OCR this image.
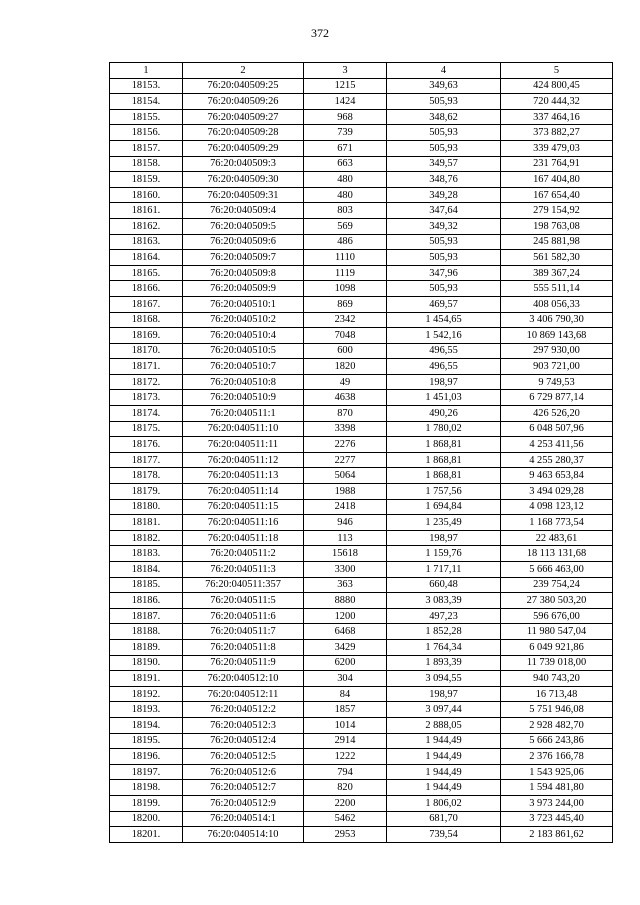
372
1	2	3	4	5
18153.	76:20:040509:25	1215	349,63	424 800,45
18154.	76:20:040509:26	1424	505,93	720 444,32
18155.	76:20:040509:27	968	348,62	337 464,16
18156.	76:20:040509:28	739	505,93	373 882,27
18157.	76:20:040509:29	671	505,93	339 479,03
18158.	76:20:040509:3	663	349,57	231 764,91
18159.	76:20:040509:30	480	348,76	167 404,80
18160.	76:20:040509:31	480	349,28	167 654,40
18161.	76:20:040509:4	803	347,64	279 154,92
18162.	76:20:040509:5	569	349,32	198 763,08
18163.	76:20:040509:6	486	505,93	245 881,98
18164.	76:20:040509:7	1110	505,93	561 582,30
18165.	76:20:040509:8	1119	347,96	389 367,24
18166.	76:20:040509:9	1098	505,93	555 511,14
18167.	76:20:040510:1	869	469,57	408 056,33
18168.	76:20:040510:2	2342	1 454,65	3 406 790,30
18169.	76:20:040510:4	7048	1 542,16	10 869 143,68
18170.	76:20:040510:5	600	496,55	297 930,00
18171.	76:20:040510:7	1820	496,55	903 721,00
18172.	76:20:040510:8	49	198,97	9 749,53
18173.	76:20:040510:9	4638	1 451,03	6 729 877,14
18174.	76:20:040511:1	870	490,26	426 526,20
18175.	76:20:040511:10	3398	1 780,02	6 048 507,96
18176.	76:20:040511:11	2276	1 868,81	4 253 411,56
18177.	76:20:040511:12	2277	1 868,81	4 255 280,37
18178.	76:20:040511:13	5064	1 868,81	9 463 653,84
18179.	76:20:040511:14	1988	1 757,56	3 494 029,28
18180.	76:20:040511:15	2418	1 694,84	4 098 123,12
18181.	76:20:040511:16	946	1 235,49	1 168 773,54
18182.	76:20:040511:18	113	198,97	22 483,61
18183.	76:20:040511:2	15618	1 159,76	18 113 131,68
18184.	76:20:040511:3	3300	1 717,11	5 666 463,00
18185.	76:20:040511:357	363	660,48	239 754,24
18186.	76:20:040511:5	8880	3 083,39	27 380 503,20
18187.	76:20:040511:6	1200	497,23	596 676,00
18188.	76:20:040511:7	6468	1 852,28	11 980 547,04
18189.	76:20:040511:8	3429	1 764,34	6 049 921,86
18190.	76:20:040511:9	6200	1 893,39	11 739 018,00
18191.	76:20:040512:10	304	3 094,55	940 743,20
18192.	76:20:040512:11	84	198,97	16 713,48
18193.	76:20:040512:2	1857	3 097,44	5 751 946,08
18194.	76:20:040512:3	1014	2 888,05	2 928 482,70
18195.	76:20:040512:4	2914	1 944,49	5 666 243,86
18196.	76:20:040512:5	1222	1 944,49	2 376 166,78
18197.	76:20:040512:6	794	1 944,49	1 543 925,06
18198.	76:20:040512:7	820	1 944,49	1 594 481,80
18199.	76:20:040512:9	2200	1 806,02	3 973 244,00
18200.	76:20:040514:1	5462	681,70	3 723 445,40
18201.	76:20:040514:10	2953	739,54	2 183 861,62
